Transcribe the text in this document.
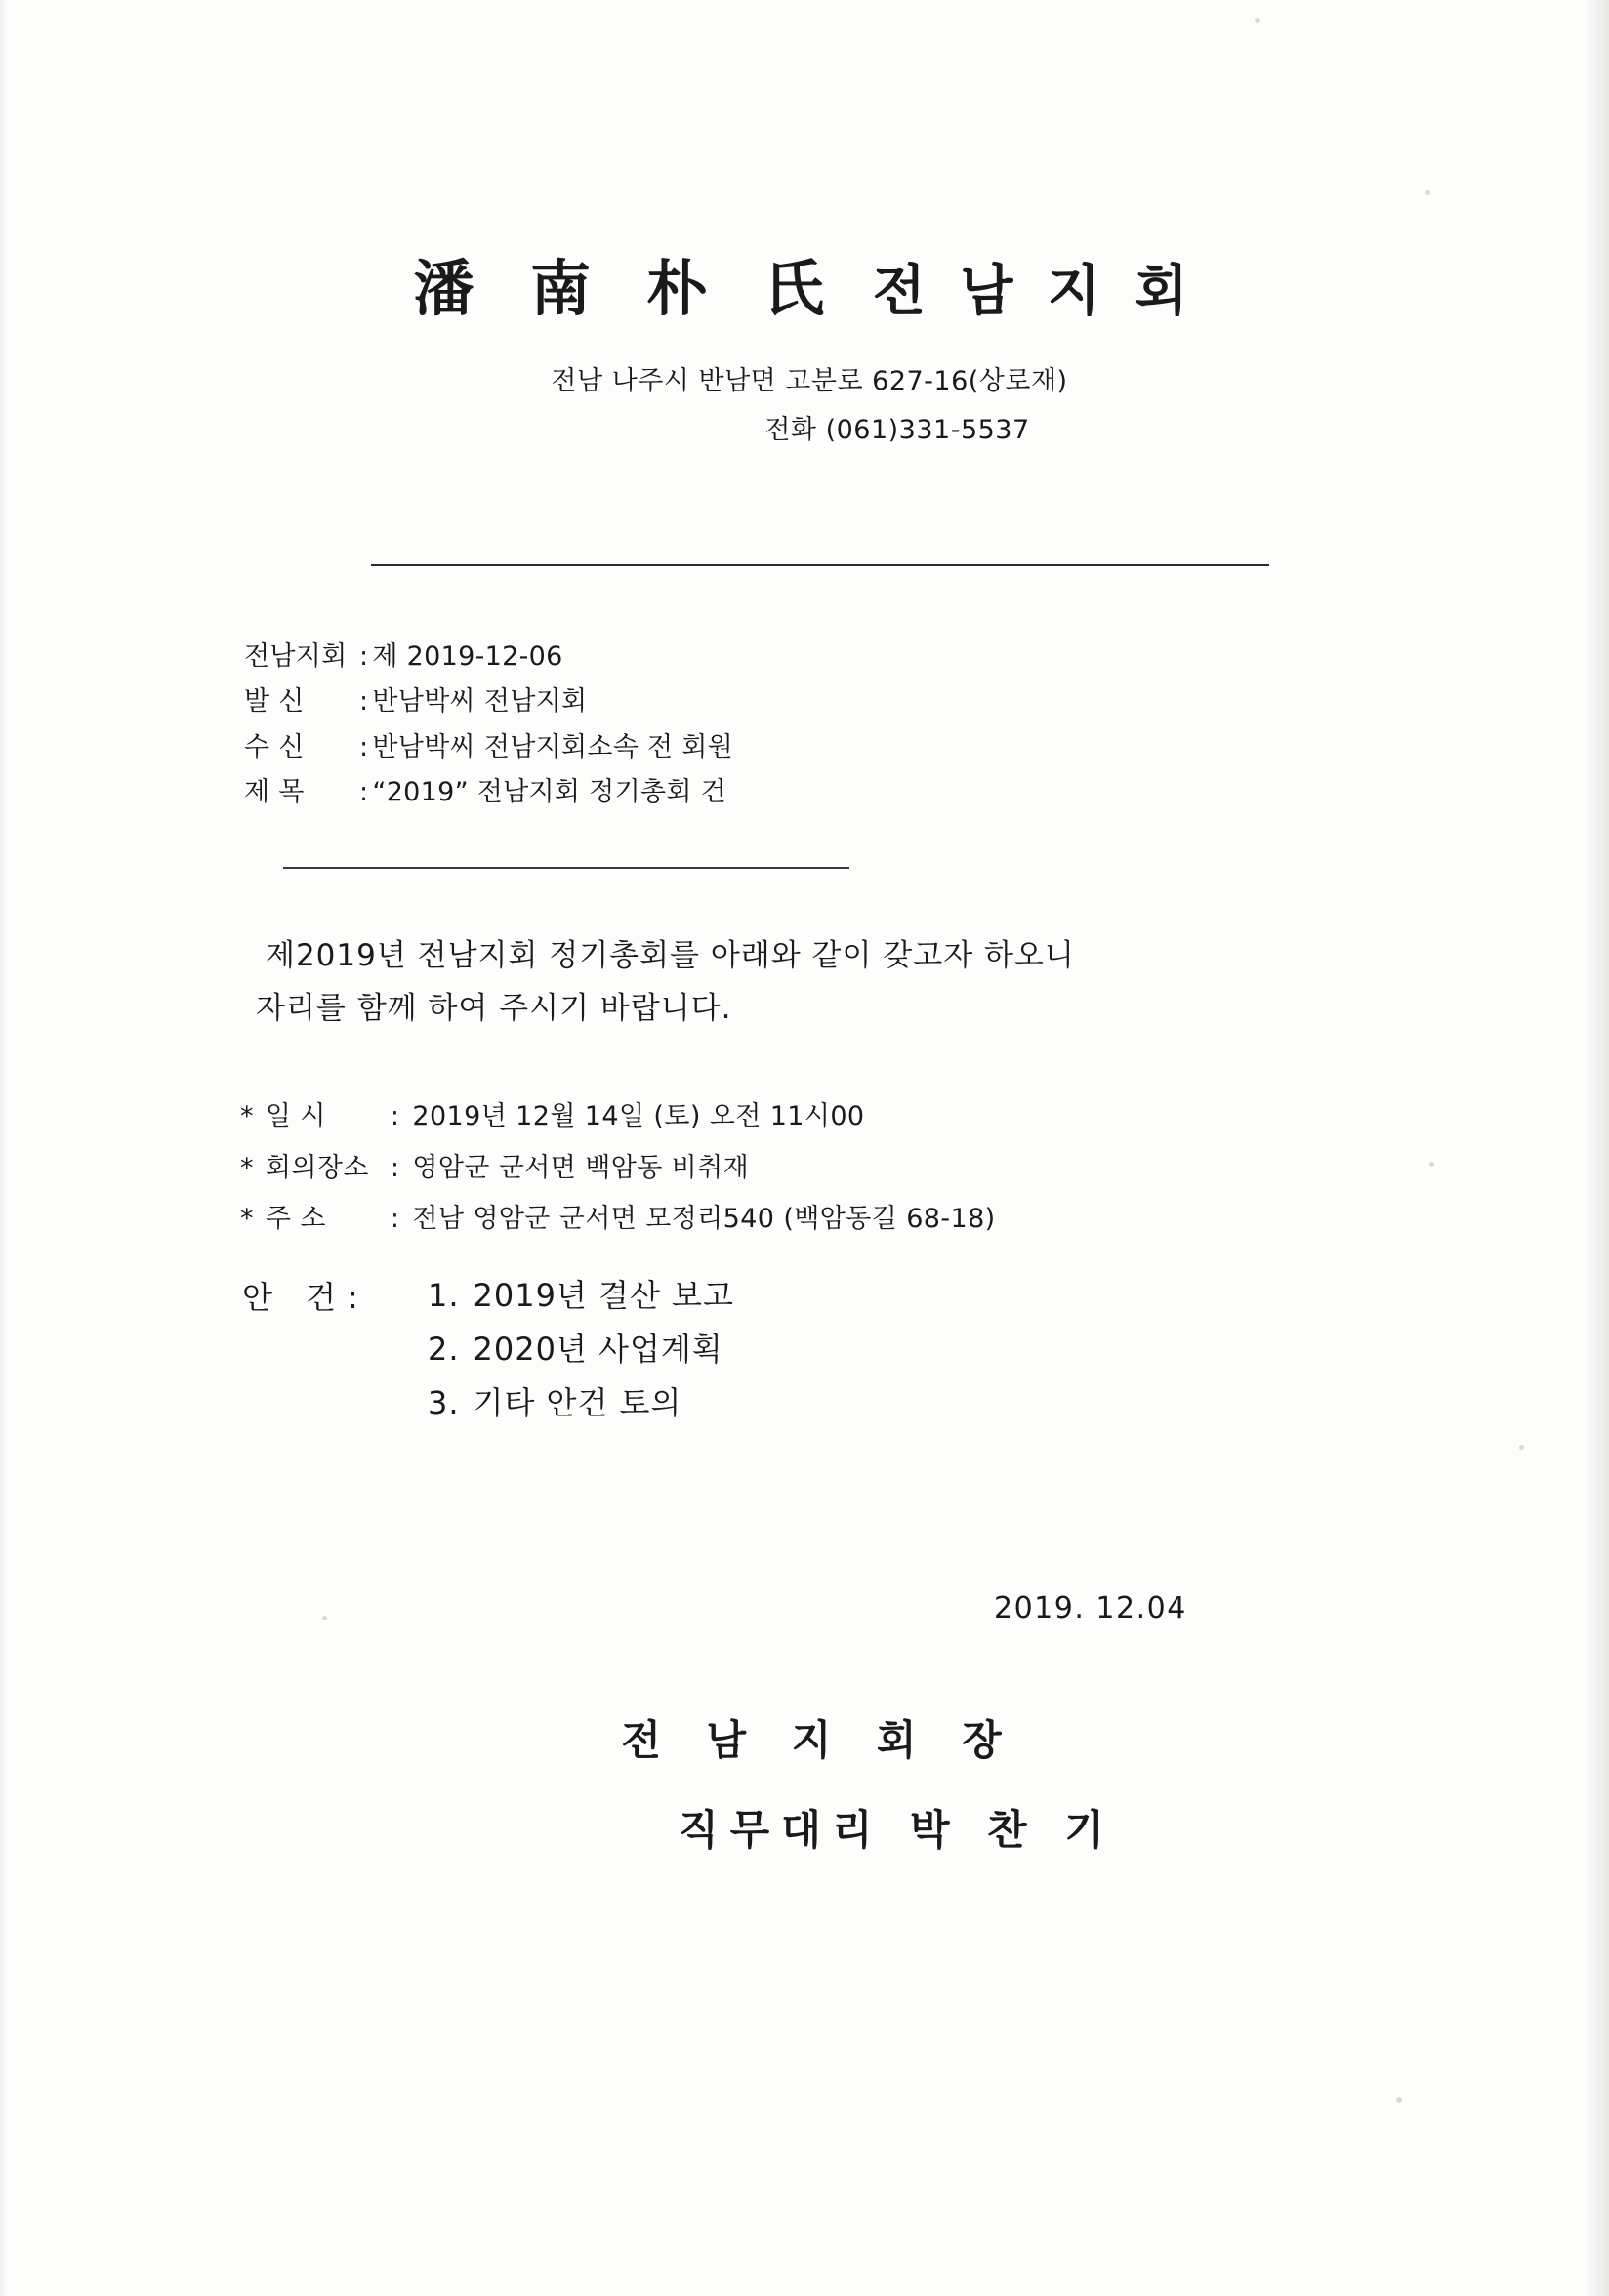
潘 南 朴 氏 전 남 지 회
전남 나주시 반남면 고분로 627-16(상로재)
전화 (061)331-5537
전남지회 : 제 2019-12-06
발 신 : 반남박씨 전남지회
수 신 : 반남박씨 전남지회소속 전 회원
제 목 : “2019” 전남지회 정기총회 건
제2019년 전남지회 정기총회를 아래와 같이 갖고자 하오니
자리를 함께 하여 주시기 바랍니다.
* 일 시 : 2019년 12월 14일 (토) 오전 11시00
* 회의장소 : 영암군 군서면 백암동 비취재
* 주 소 : 전남 영암군 군서면 모정리540 (백암동길 68-18)
안 건: 1. 2019년 결산 보고
2. 2020년 사업계획
3. 기타 안건 토의
2019. 12.04
전 남 지 회 장
직무대리 박 찬 기
